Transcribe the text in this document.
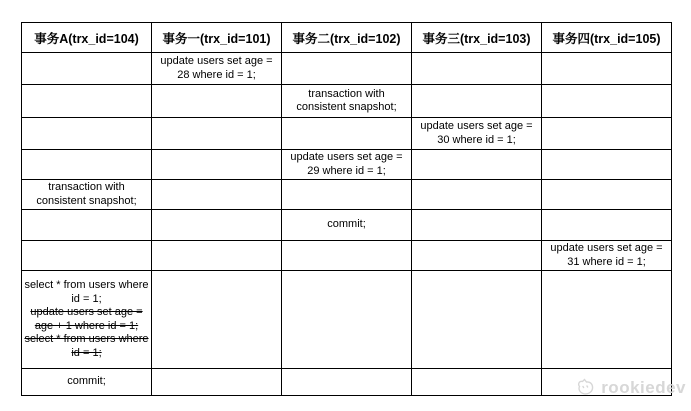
事务A(trx_id=104)	事务一(trx_id=101)	事务二(trx_id=102)	事务三(trx_id=103)	事务四(trx_id=105)

	update users set age = 28 where id = 1;			

		transaction with consistent snapshot;		

			update users set age = 30 where id = 1;	

		update users set age = 29 where id = 1;		

transaction with consistent snapshot;				

		commit;		

				update users set age = 31 where id = 1;

select * from users where id = 1;
update users set age = age + 1 where id = 1;
select * from users where id = 1;				

commit;				
					rookiedev
